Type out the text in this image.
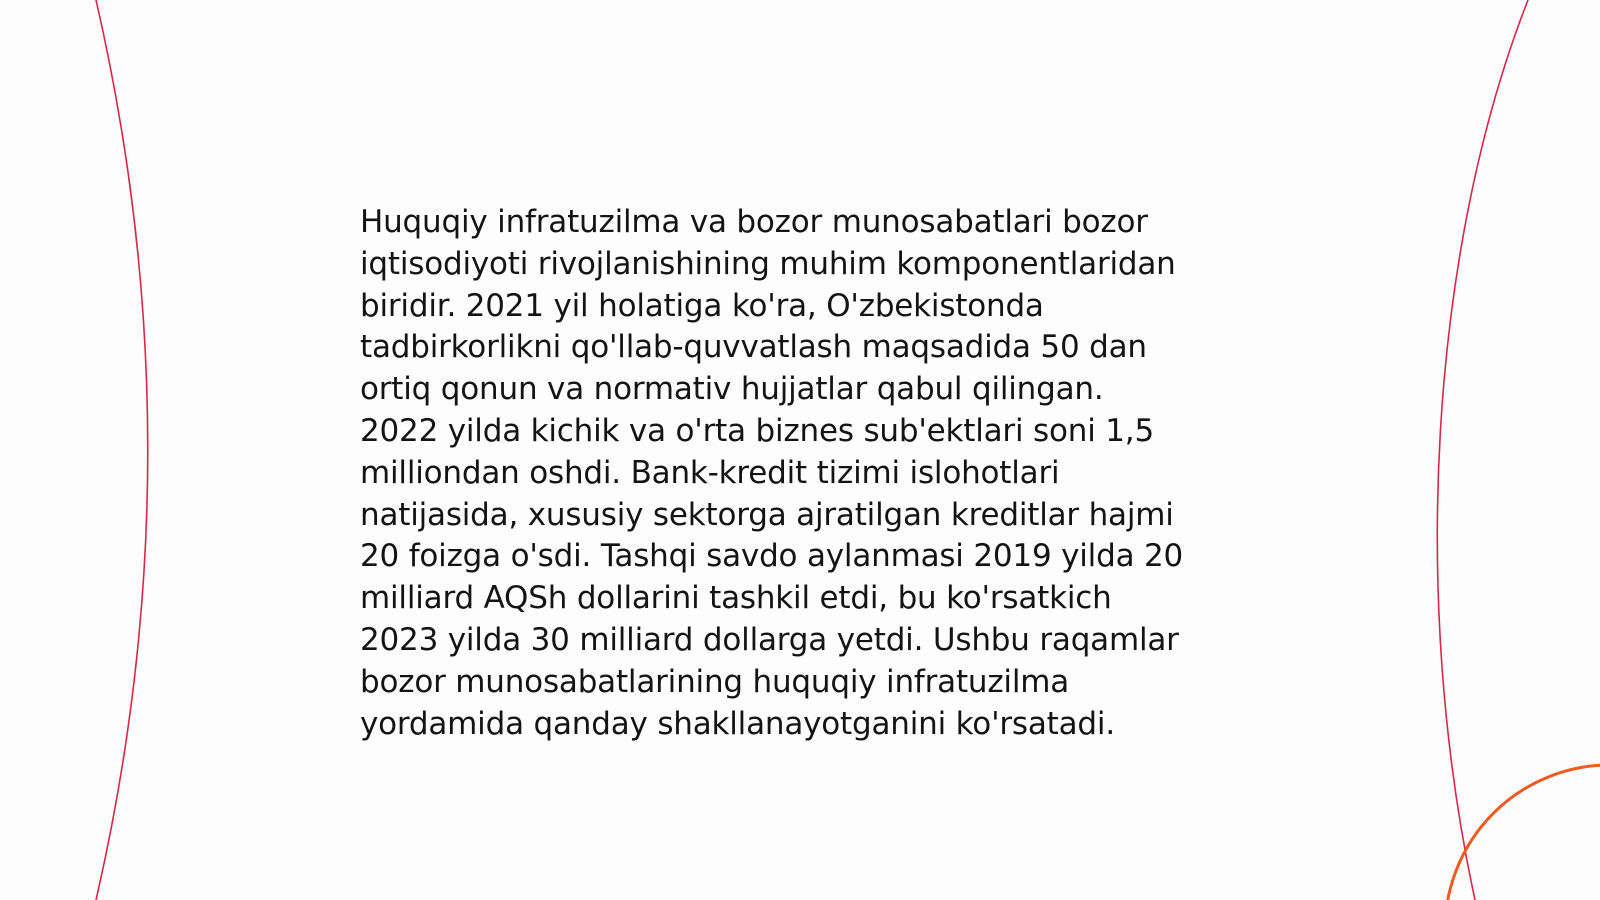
Huquqiy infratuzilma va bozor munosabatlari bozor
iqtisodiyoti rivojlanishining muhim komponentlaridan
biridir. 2021 yil holatiga ko'ra, O'zbekistonda
tadbirkorlikni qo'llab-quvvatlash maqsadida 50 dan
ortiq qonun va normativ hujjatlar qabul qilingan.
2022 yilda kichik va o'rta biznes sub'ektlari soni 1,5
milliondan oshdi. Bank-kredit tizimi islohotlari
natijasida, xususiy sektorga ajratilgan kreditlar hajmi
20 foizga o'sdi. Tashqi savdo aylanmasi 2019 yilda 20
milliard AQSh dollarini tashkil etdi, bu ko'rsatkich
2023 yilda 30 milliard dollarga yetdi. Ushbu raqamlar
bozor munosabatlarining huquqiy infratuzilma
yordamida qanday shakllanayotganini ko'rsatadi.
